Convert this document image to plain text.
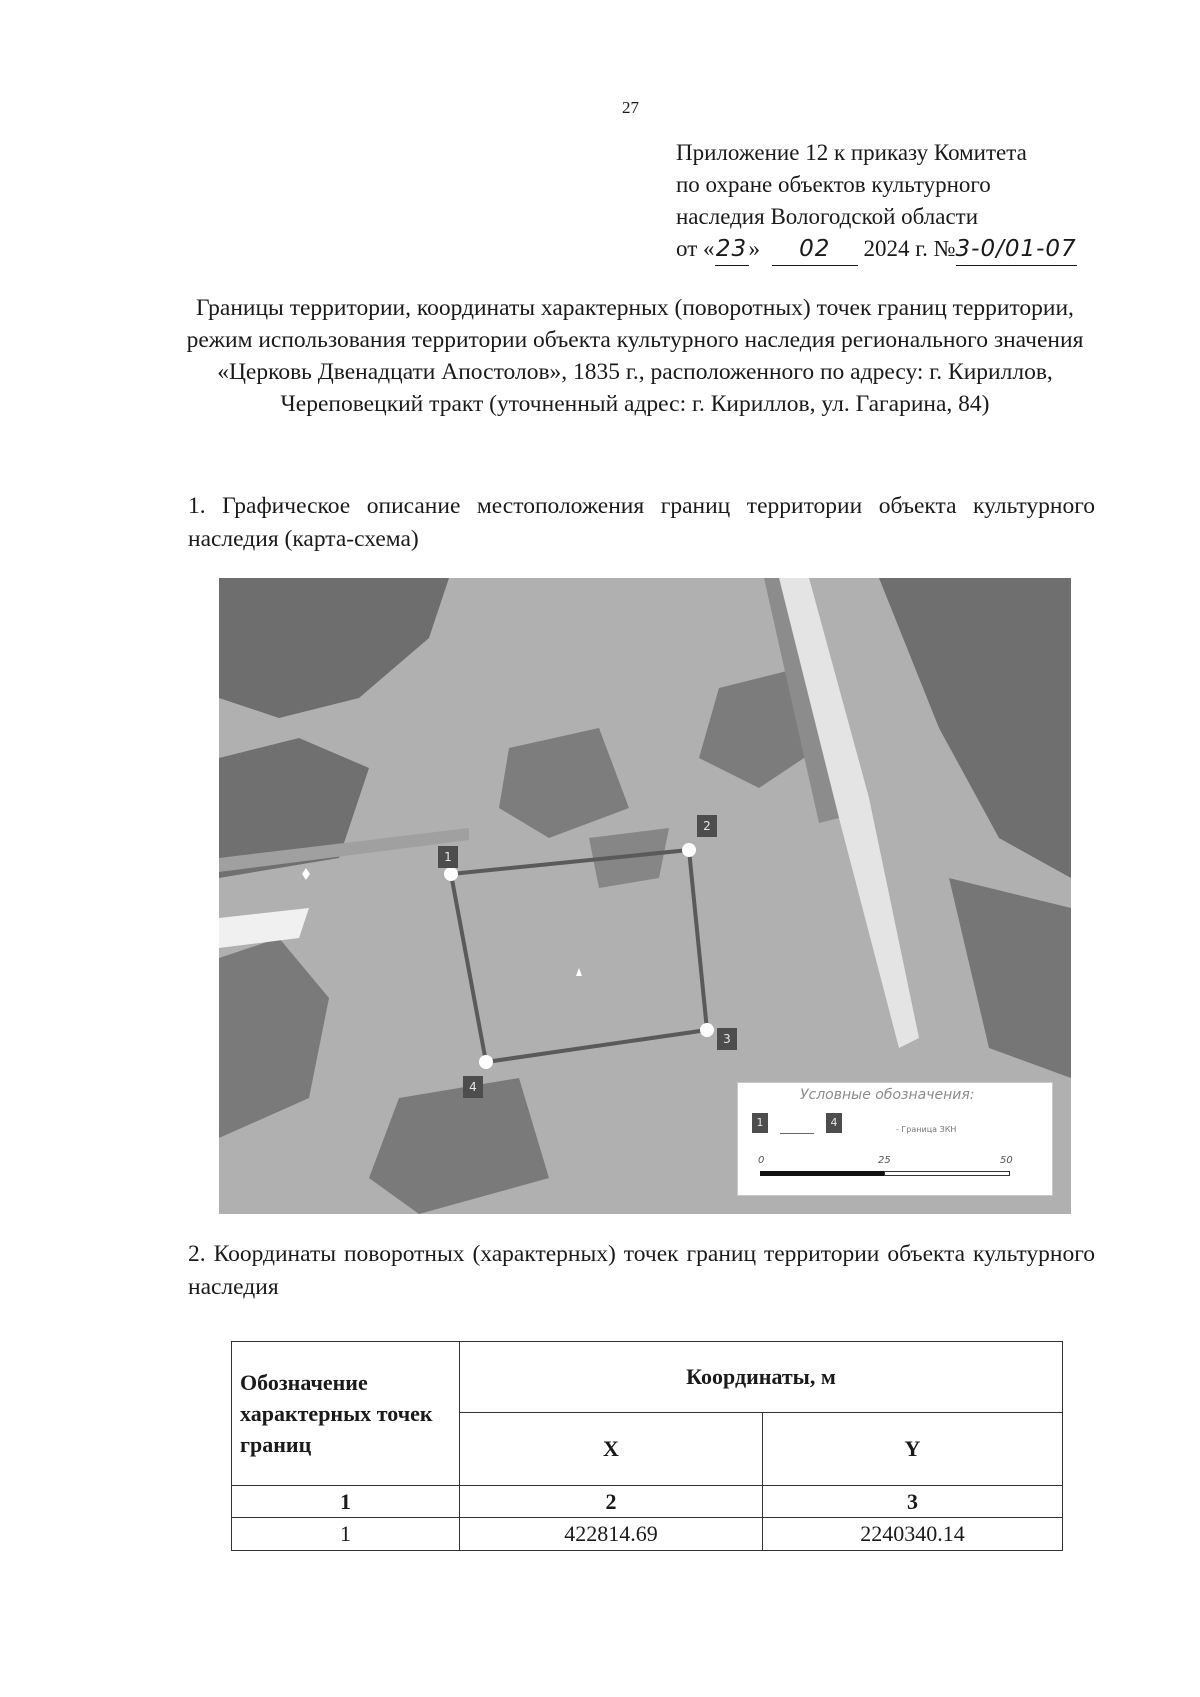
27
Приложение 12 к приказу Комитета
по охране объектов культурного
наследия Вологодской области
от «23» 02 2024 г. №3-0/01-07
Границы территории, координаты характерных (поворотных) точек границ территории, режим использования территории объекта культурного наследия регионального значения «Церковь Двенадцати Апостолов», 1835 г., расположенного по адресу: г. Кириллов, Череповецкий тракт (уточненный адрес: г. Кириллов, ул. Гагарина, 84)
1. Графическое описание местоположения границ территории объекта культурного наследия (карта-схема)
1
2
3
4	Условные обозначения:
1	4
- Граница ЗКН
0	25	50
2. Координаты поворотных (характерных) точек границ территории объекта культурного наследия
Обозначение характерных точек границ	Координаты, м	
	X	Y
1	2	3
1	422814.69	2240340.14
